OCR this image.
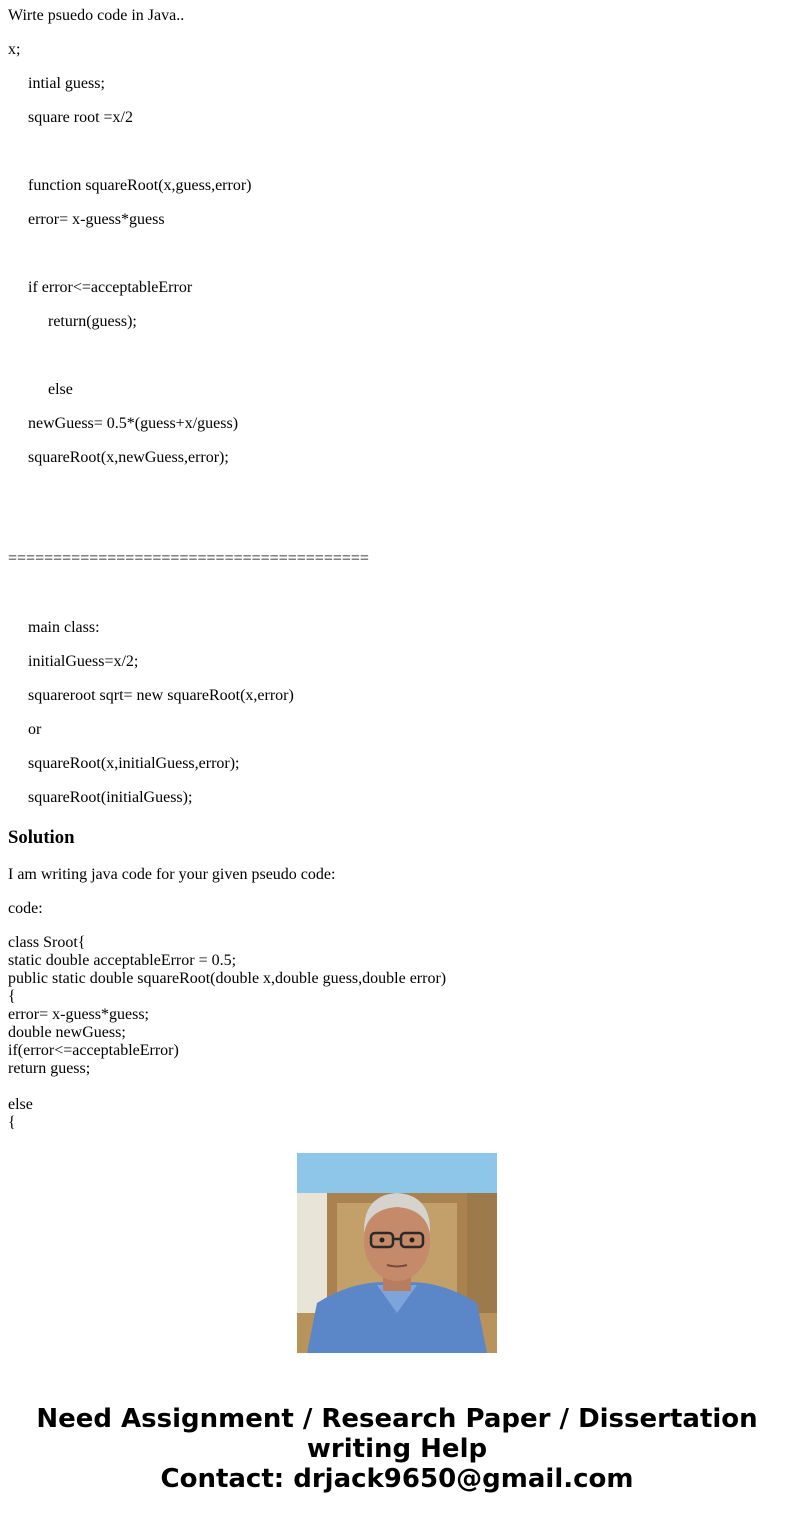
Wirte psuedo code in Java..

x;

intial guess;

square root =x/2

function squareRoot(x,guess,error)

error= x-guess*guess

if error<=acceptableError

return(guess);

else

newGuess= 0.5*(guess+x/guess)

squareRoot(x,newGuess,error);

========================================

main class:

initialGuess=x/2;

squareroot sqrt= new squareRoot(x,error)

or

squareRoot(x,initialGuess,error);

squareRoot(initialGuess);

Solution

I am writing java code for your given pseudo code:

code:

class Sroot{
static double acceptableError = 0.5;
public static double squareRoot(double x,double guess,double error)
{
error= x-guess*guess;
double newGuess;
if(error<=acceptableError)
return guess;
else
{
Need Assignment / Research Paper / Dissertation
writing Help
Contact: drjack9650@gmail.com
